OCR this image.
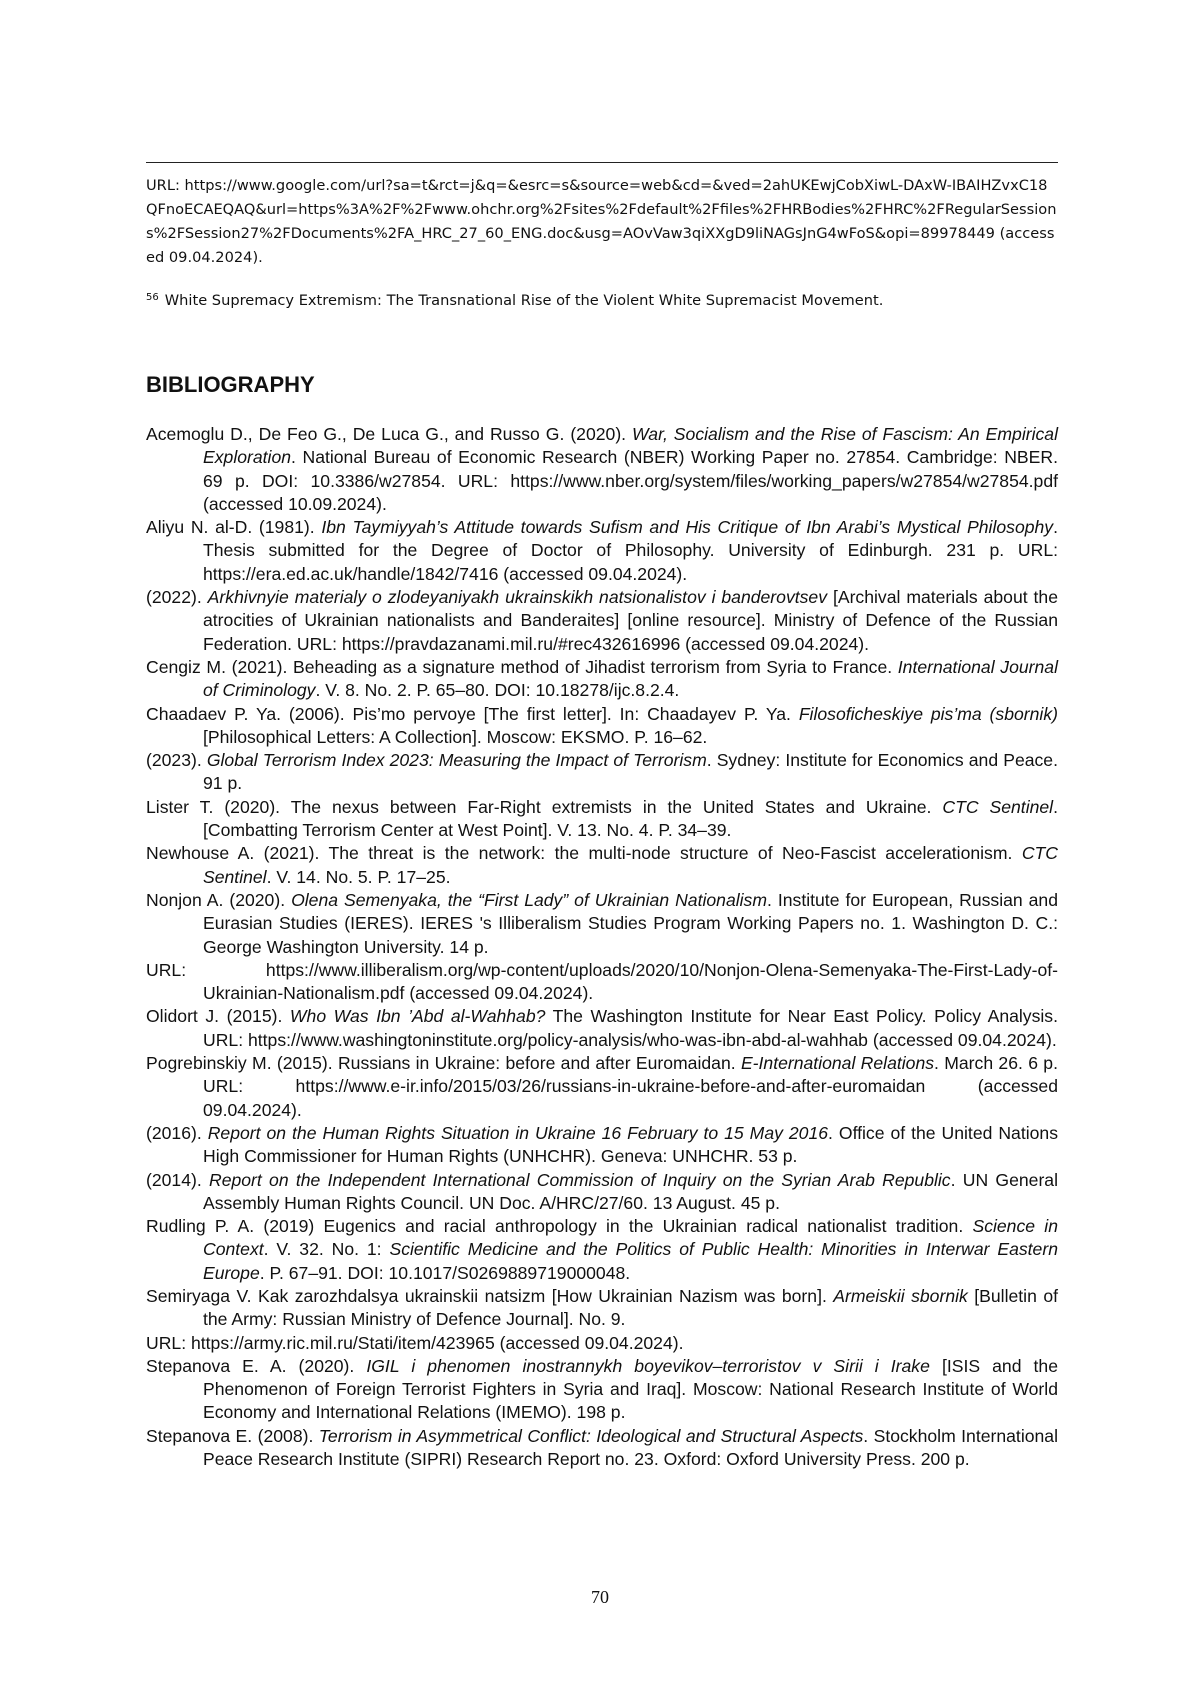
URL: https://www.google.com/url?sa=t&rct=j&q=&esrc=s&source=web&cd=&ved=2ahUKEwjCobXiwL-DAxW-IBAIHZvxC18QFnoECAEQAQ&url=https%3A%2F%2Fwww.ohchr.org%2Fsites%2Fdefault%2Ffiles%2FHRBodies%2FHRC%2FRegularSessions%2FSession27%2FDocuments%2FA_HRC_27_60_ENG.doc&usg=AOvVaw3qiXXgD9liNAGsJnG4wFoS&opi=89978449 (accessed 09.04.2024).

$^{56}$ White Supremacy Extremism: The Transnational Rise of the Violent White Supremacist Movement.

BIBLIOGRAPHY
Acemoglu D., De Feo G., De Luca G., and Russo G. (2020). War, Socialism and the Rise of Fascism: An Empirical Exploration. National Bureau of Economic Research (NBER) Working Paper no. 27854. Cambridge: NBER. 69 p. DOI: 10.3386/w27854. URL: https://www.nber.org/system/files/working_papers/w27854/w27854.pdf (accessed 10.09.2024).
Aliyu N. al-D. (1981). Ibn Taymiyyah’s Attitude towards Sufism and His Critique of Ibn Arabi’s Mystical Philosophy. Thesis submitted for the Degree of Doctor of Philosophy. University of Edinburgh. 231 p. URL: https://era.ed.ac.uk/handle/1842/7416 (accessed 09.04.2024).
(2022). Arkhivnyie materialy o zlodeyaniyakh ukrainskikh natsionalistov i banderovtsev [Archival materials about the atrocities of Ukrainian nationalists and Banderaites] [online resource]. Ministry of Defence of the Russian Federation. URL: https://pravdazanami.mil.ru/#rec432616996 (accessed 09.04.2024).
Cengiz M. (2021). Beheading as a signature method of Jihadist terrorism from Syria to France. International Journal of Criminology. V. 8. No. 2. P. 65–80. DOI: 10.18278/ijc.8.2.4.
Chaadaev P. Ya. (2006). Pis’mo pervoye [The first letter]. In: Chaadayev P. Ya. Filosoficheskiye pis’ma (sbornik) [Philosophical Letters: A Collection]. Moscow: EKSMO. P. 16–62.
(2023). Global Terrorism Index 2023: Measuring the Impact of Terrorism. Sydney: Institute for Economics and Peace. 91 p.
Lister T. (2020). The nexus between Far-Right extremists in the United States and Ukraine. CTC Sentinel. [Combatting Terrorism Center at West Point]. V. 13. No. 4. P. 34–39.
Newhouse A. (2021). The threat is the network: the multi-node structure of Neo-Fascist accelerationism. CTC Sentinel. V. 14. No. 5. P. 17–25.
Nonjon A. (2020). Olena Semenyaka, the “First Lady” of Ukrainian Nationalism. Institute for European, Russian and Eurasian Studies (IERES). IERES 's Illiberalism Studies Program Working Papers no. 1. Washington D. C.: George Washington University. 14 p.
URL: https://www.illiberalism.org/wp-content/uploads/2020/10/Nonjon-Olena-Semenyaka-The-First-Lady-of-Ukrainian-Nationalism.pdf (accessed 09.04.2024).
Olidort J. (2015). Who Was Ibn ’Abd al-Wahhab? The Washington Institute for Near East Policy. Policy Analysis. URL: https://www.washingtoninstitute.org/policy-analysis/who-was-ibn-abd-al-wahhab (accessed 09.04.2024).
Pogrebinskiy M. (2015). Russians in Ukraine: before and after Euromaidan. E-International Relations. March 26. 6 p. URL: https://www.e-ir.info/2015/03/26/russians-in-ukraine-before-and-after-euromaidan (accessed 09.04.2024).
(2016). Report on the Human Rights Situation in Ukraine 16 February to 15 May 2016. Office of the United Nations High Commissioner for Human Rights (UNHCHR). Geneva: UNHCHR. 53 p.
(2014). Report on the Independent International Commission of Inquiry on the Syrian Arab Republic. UN General Assembly Human Rights Council. UN Doc. A/HRC/27/60. 13 August. 45 p.
Rudling P. A. (2019) Eugenics and racial anthropology in the Ukrainian radical nationalist tradition. Science in Context. V. 32. No. 1: Scientific Medicine and the Politics of Public Health: Minorities in Interwar Eastern Europe. P. 67–91. DOI: 10.1017/S0269889719000048.
Semiryaga V. Kak zarozhdalsya ukrainskii natsizm [How Ukrainian Nazism was born]. Armeiskii sbornik [Bulletin of the Army: Russian Ministry of Defence Journal]. No. 9.
URL: https://army.ric.mil.ru/Stati/item/423965 (accessed 09.04.2024).
Stepanova E. A. (2020). IGIL i phenomen inostrannykh boyevikov–terroristov v Sirii i Irake [ISIS and the Phenomenon of Foreign Terrorist Fighters in Syria and Iraq]. Moscow: National Research Institute of World Economy and International Relations (IMEMO). 198 p.
Stepanova E. (2008). Terrorism in Asymmetrical Conflict: Ideological and Structural Aspects. Stockholm International Peace Research Institute (SIPRI) Research Report no. 23. Oxford: Oxford University Press. 200 p.
70
